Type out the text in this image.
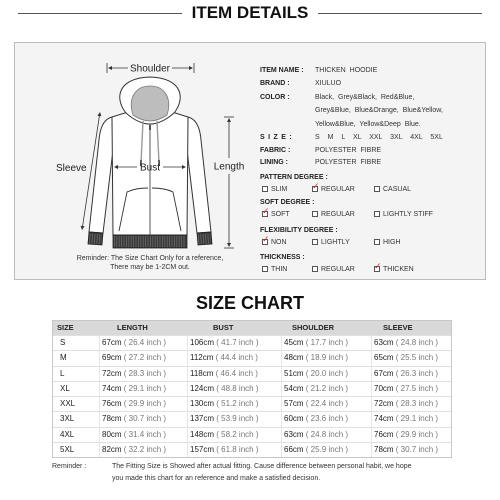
ITEM DETAILS
Shoulder
Bust	Length
Sleeve
Reminder: The Size Chart Only for a reference,
There may be 1-2CM out.
ITEM NAME : THICKEN HOODIE
BRAND :	XIULUO
COLOR :	Black, Grey&Black, Red&Blue,
Grey&Blue, Blue&Orange, Blue&Yellow,
Yellow&Blue, Yellow&Deep Blue.
S I Z E :	S M L XL XXL 3XL 4XL 5XL
FABRIC :	POLYESTER FIBRE
LINING :	POLYESTER FIBRE
PATTERN DEGREE :
SLIM	✓ REGULAR	CASUAL
SOFT DEGREE :
✓ SOFT	REGULAR	LIGHTLY STIFF
FLEXIBILITY DEGREE :
✓ NON	LIGHTLY	HIGH
THICKNESS :
THIN	REGULAR ✓ THICKEN
SIZE CHART
SIZE	LENGTH	BUST	SHOULDER	SLEEVE
S	67cm ( 26.4 inch )	106cm ( 41.7 inch )	45cm ( 17.7 inch )	63cm ( 24.8 inch )
M	69cm ( 27.2 inch )	112cm ( 44.4 inch )	48cm ( 18.9 inch )	65cm ( 25.5 inch )
L	72cm ( 28.3 inch )	118cm ( 46.4 inch )	51cm ( 20.0 inch )	67cm ( 26.3 inch )
XL	74cm ( 29.1 inch )	124cm ( 48.8 inch )	54cm ( 21.2 inch )	70cm ( 27.5 inch )
XXL	76cm ( 29.9 inch )	130cm ( 51.2 inch )	57cm ( 22.4 inch )	72cm ( 28.3 inch )
3XL	78cm ( 30.7 inch )	137cm ( 53.9 inch )	60cm ( 23.6 inch )	74cm ( 29.1 inch )
4XL	80cm ( 31.4 inch )	148cm ( 58.2 inch )	63cm ( 24.8 inch )	76cm ( 29.9 inch )
5XL	82cm ( 32.2 inch )	157cm ( 61.8 inch )	66cm ( 25.9 inch )	78cm ( 30.7 inch )
Reminder :	The Fitting Size is Showed after actual fitting. Cause difference between personal habit, we hope
you made this chart for an reference and make a satisfied decision.
